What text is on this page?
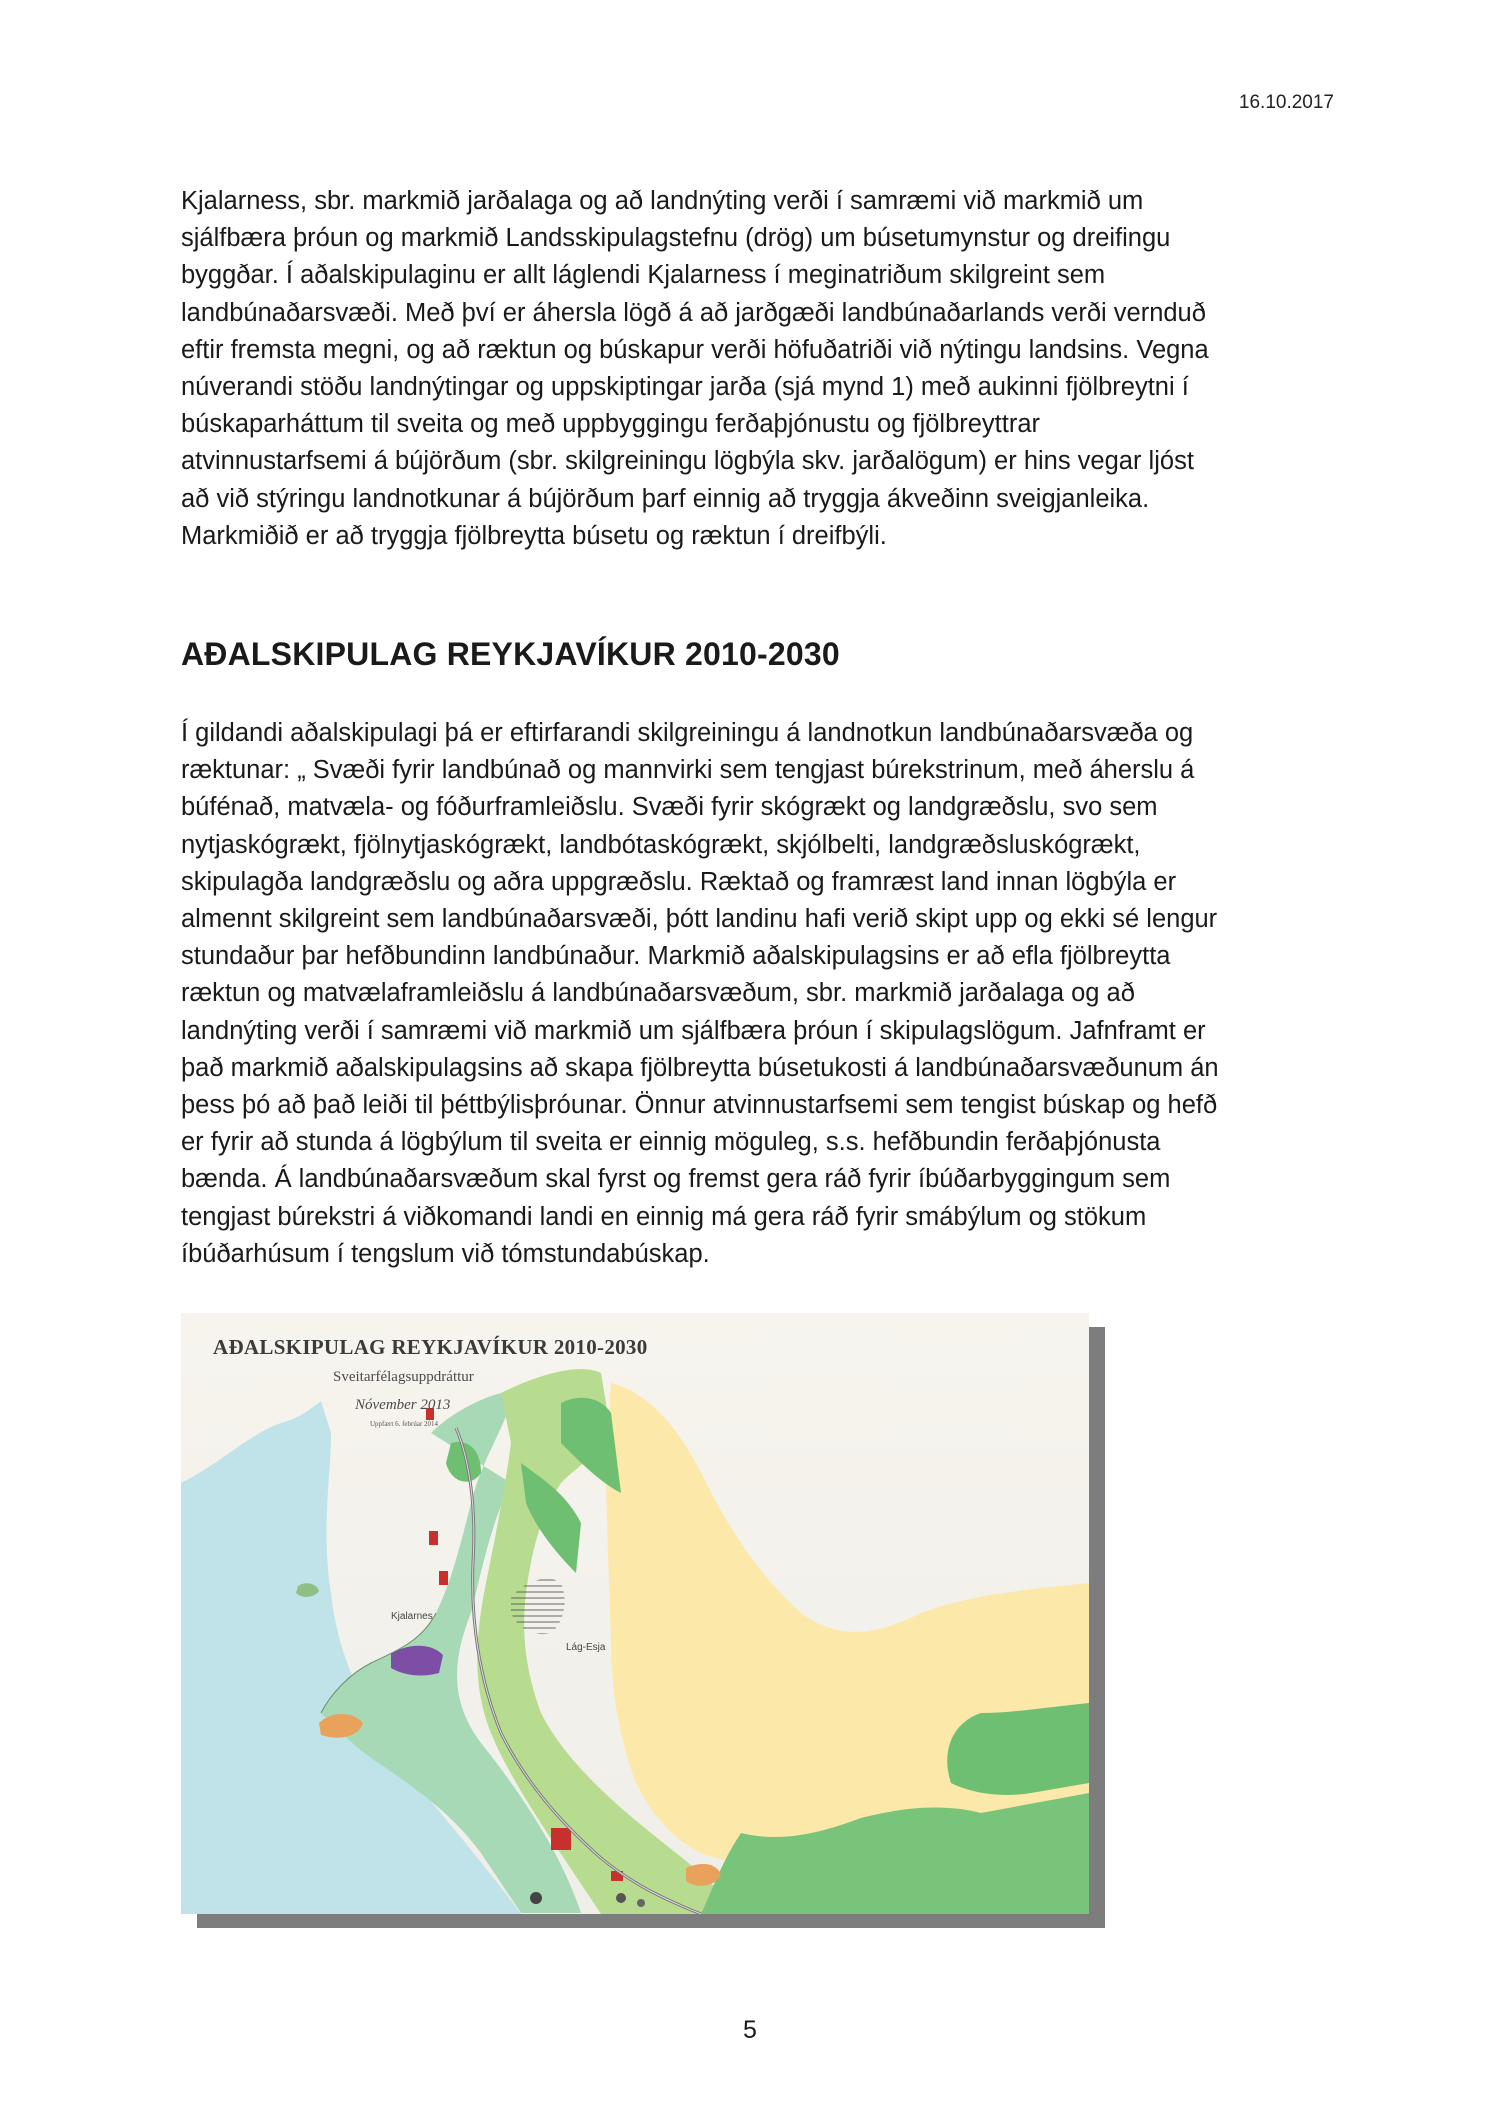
16.10.2017
Kjalarness, sbr. markmið jarðalaga og að landnýting verði í samræmi við markmið um
sjálfbæra þróun og markmið Landsskipulagstefnu (drög) um búsetumynstur og dreifingu
byggðar. Í aðalskipulaginu er allt láglendi Kjalarness í meginatriðum skilgreint sem
landbúnaðarsvæði. Með því er áhersla lögð á að jarðgæði landbúnaðarlands verði vernduð
eftir fremsta megni, og að ræktun og búskapur verði höfuðatriði við nýtingu landsins. Vegna
núverandi stöðu landnýtingar og uppskiptingar jarða (sjá mynd 1) með aukinni fjölbreytni í
búskaparháttum til sveita og með uppbyggingu ferðaþjónustu og fjölbreyttrar
atvinnustarfsemi á bújörðum (sbr. skilgreiningu lögbýla skv. jarðalögum) er hins vegar ljóst
að við stýringu landnotkunar á bújörðum þarf einnig að tryggja ákveðinn sveigjanleika.
Markmiðið er að tryggja fjölbreytta búsetu og ræktun í dreifbýli.
AÐALSKIPULAG REYKJAVÍKUR 2010-2030
Í gildandi aðalskipulagi þá er eftirfarandi skilgreiningu á landnotkun landbúnaðarsvæða og
ræktunar: „ Svæði fyrir landbúnað og mannvirki sem tengjast búrekstrinum, með áherslu á
búfénað, matvæla- og fóðurframleiðslu. Svæði fyrir skógrækt og landgræðslu, svo sem
nytjaskógrækt, fjölnytjaskógrækt, landbótaskógrækt, skjólbelti, landgræðsluskógrækt,
skipulagða landgræðslu og aðra uppgræðslu. Ræktað og framræst land innan lögbýla er
almennt skilgreint sem landbúnaðarsvæði, þótt landinu hafi verið skipt upp og ekki sé lengur
stundaður þar hefðbundinn landbúnaður. Markmið aðalskipulagsins er að efla fjölbreytta
ræktun og matvælaframleiðslu á landbúnaðarsvæðum, sbr. markmið jarðalaga og að
landnýting verði í samræmi við markmið um sjálfbæra þróun í skipulagslögum. Jafnframt er
það markmið aðalskipulagsins að skapa fjölbreytta búsetukosti á landbúnaðarsvæðunum án
þess þó að það leiði til þéttbýlisþróunar. Önnur atvinnustarfsemi sem tengist búskap og hefð
er fyrir að stunda á lögbýlum til sveita er einnig möguleg, s.s. hefðbundin ferðaþjónusta
bænda. Á landbúnaðarsvæðum skal fyrst og fremst gera ráð fyrir íbúðarbyggingum sem
tengjast búrekstri á viðkomandi landi en einnig má gera ráð fyrir smábýlum og stökum
íbúðarhúsum í tengslum við tómstundabúskap.
AÐALSKIPULAG REYKJAVÍKUR 2010-2030
Sveitarfélagsuppdráttur
Nóvember 2013
Uppfært 6. febrúar 2014
Kjalarnes
Lág-Esja
5
